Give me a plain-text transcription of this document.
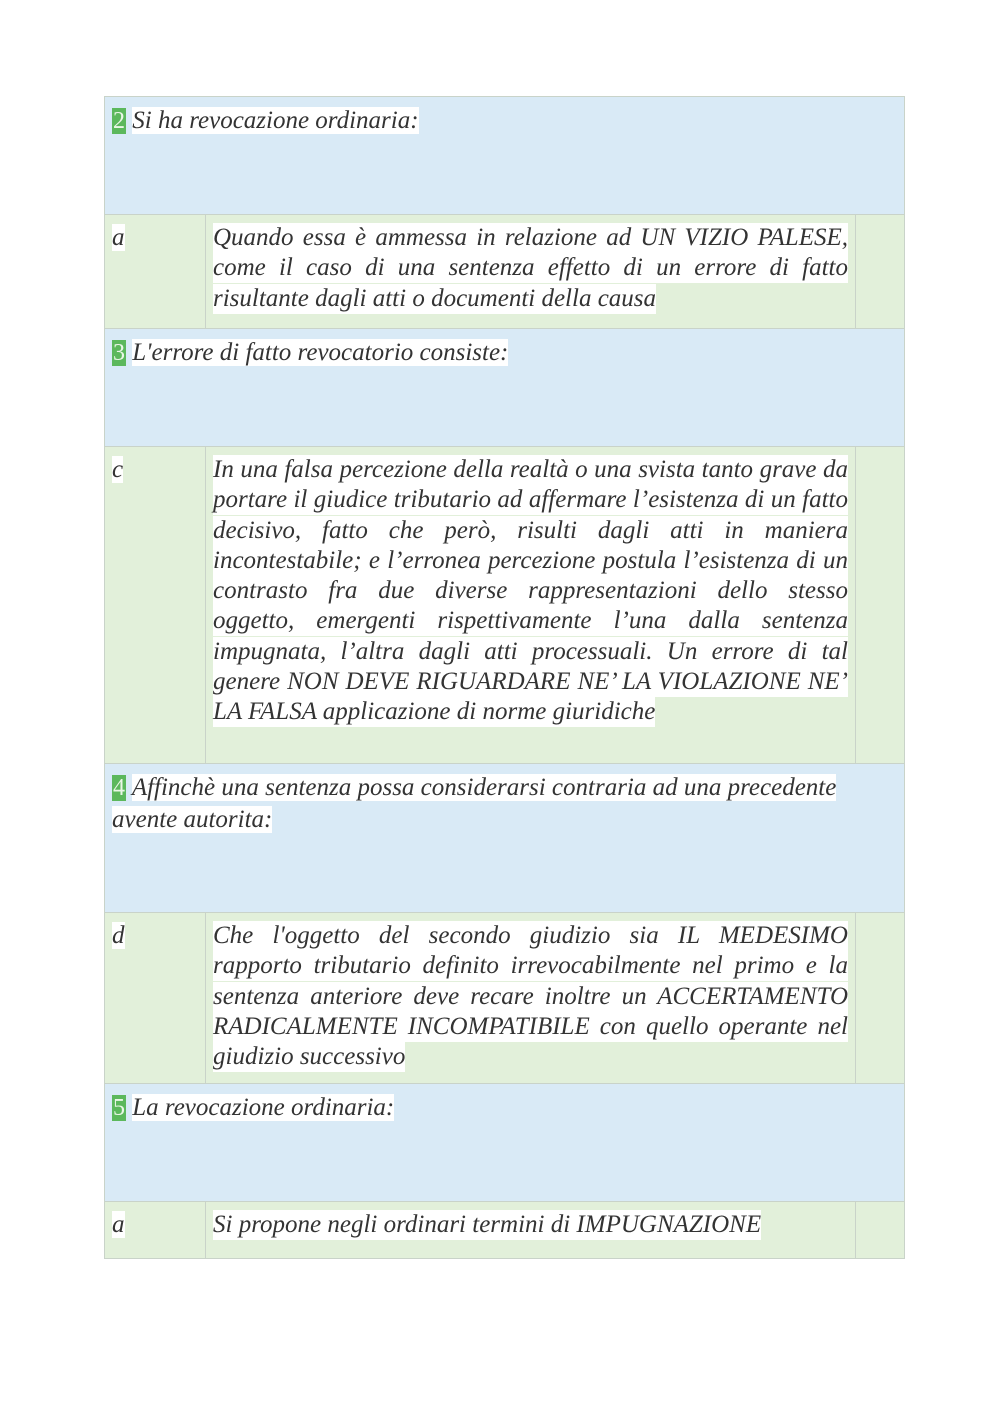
2 Si ha revocazione ordinaria:		
a	Quando essa è ammessa in relazione ad UN VIZIO PALESE, come il caso di una sentenza effetto di un errore di fatto risultante dagli atti o documenti della causa	

3 L'errore di fatto revocatorio consiste:		
c	In una falsa percezione della realtà o una svista tanto grave da portare il giudice tributario ad affermare l’esistenza di un fatto decisivo, fatto che però, risulti dagli atti in maniera incontestabile; e l’erronea percezione postula l’esistenza di un contrasto fra due diverse rappresentazioni dello stesso oggetto, emergenti rispettivamente l’una dalla sentenza impugnata, l’altra dagli atti processuali. Un errore di tal genere NON DEVE RIGUARDARE NE’ LA VIOLAZIONE NE’ LA FALSA applicazione di norme giuridiche	

4 Affinchè una sentenza possa considerarsi contraria ad una precedente avente autorita:		
d	Che l'oggetto del secondo giudizio sia IL MEDESIMO rapporto tributario definito irrevocabilmente nel primo e la sentenza anteriore deve recare inoltre un ACCERTAMENTO RADICALMENTE INCOMPATIBILE con quello operante nel giudizio successivo	

5 La revocazione ordinaria:		
a	Si propone negli ordinari termini di IMPUGNAZIONE	
